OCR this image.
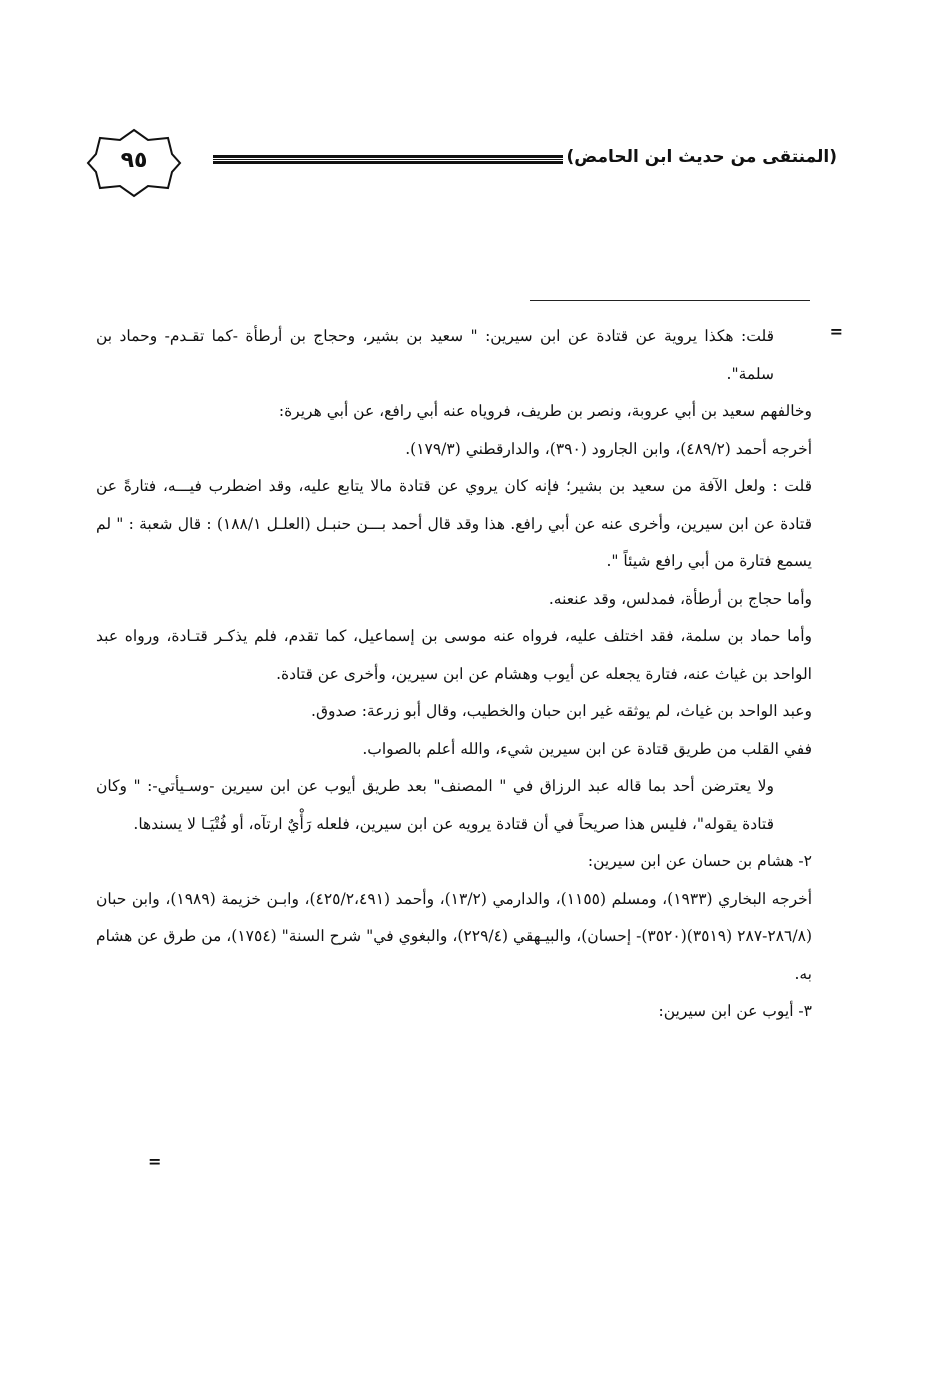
(المنتقى من حديث ابن الحامض)
٩٥
=

قلت: هكذا يروية عن قتادة عن ابن سيرين: " سعيد بن بشير، وحجاج بن أرطأة -كما تقـدم- وحماد بن سلمة".

وخالفهم سعيد بن أبي عروبة، ونصر بن طريف، فروياه عنه أبي رافع، عن أبي هريرة:

أخرجه أحمد (٤٨٩/٢)، وابن الجارود (٣٩٠)، والدارقطني (١٧٩/٣).

قلت : ولعل الآفة من سعيد بن بشير؛ فإنه كان يروي عن قتادة مالا يتابع عليه، وقد اضطرب فيـــه، فتارةً عن قتادة عن ابن سيرين، وأخرى عنه عن أبي رافع. هذا وقد قال أحمد بـــن حنبـل (العلـل ١٨٨/١) : قال شعبة : " لم يسمع فتارة من أبي رافع شيئاً ".

وأما حجاج بن أرطأة، فمدلس، وقد عنعنه.

وأما حماد بن سلمة، فقد اختلف عليه، فرواه عنه موسى بن إسماعيل، كما تقدم، فلم يذكـر قتـادة، ورواه عبد الواحد بن غياث عنه، فتارة يجعله عن أيوب وهشام عن ابن سيرين، وأخرى عن قتادة.

وعبد الواحد بن غياث، لم يوثقه غير ابن حبان والخطيب، وقال أبو زرعة: صدوق.

ففي القلب من طريق قتادة عن ابن سيرين شيء، والله أعلم بالصواب.

ولا يعترضن أحد بما قاله عبد الرزاق في " المصنف" بعد طريق أيوب عن ابن سيرين -وسـيأتي-: " وكان قتادة يقوله"، فليس هذا صريحاً في أن قتادة يرويه عن ابن سيرين، فلعله رَأْيٌ ارتآه، أو فُتْيَـا لا يسندها.

٢- هشام بن حسان عن ابن سيرين:

أخرجه البخاري (١٩٣٣)، ومسلم (١١٥٥)، والدارمي (١٣/٢)، وأحمد (٤٢٥/٢،٤٩١)، وابـن خزيمة (١٩٨٩)، وابن حبان (٢٨٦/٨-٢٨٧ (٣٥١٩)(٣٥٢٠)- إحسان)، والبيـهقي (٢٢٩/٤)، والبغوي في" شرح السنة" (١٧٥٤)، من طرق عن هشام به.

٣- أيوب عن ابن سيرين:

=
